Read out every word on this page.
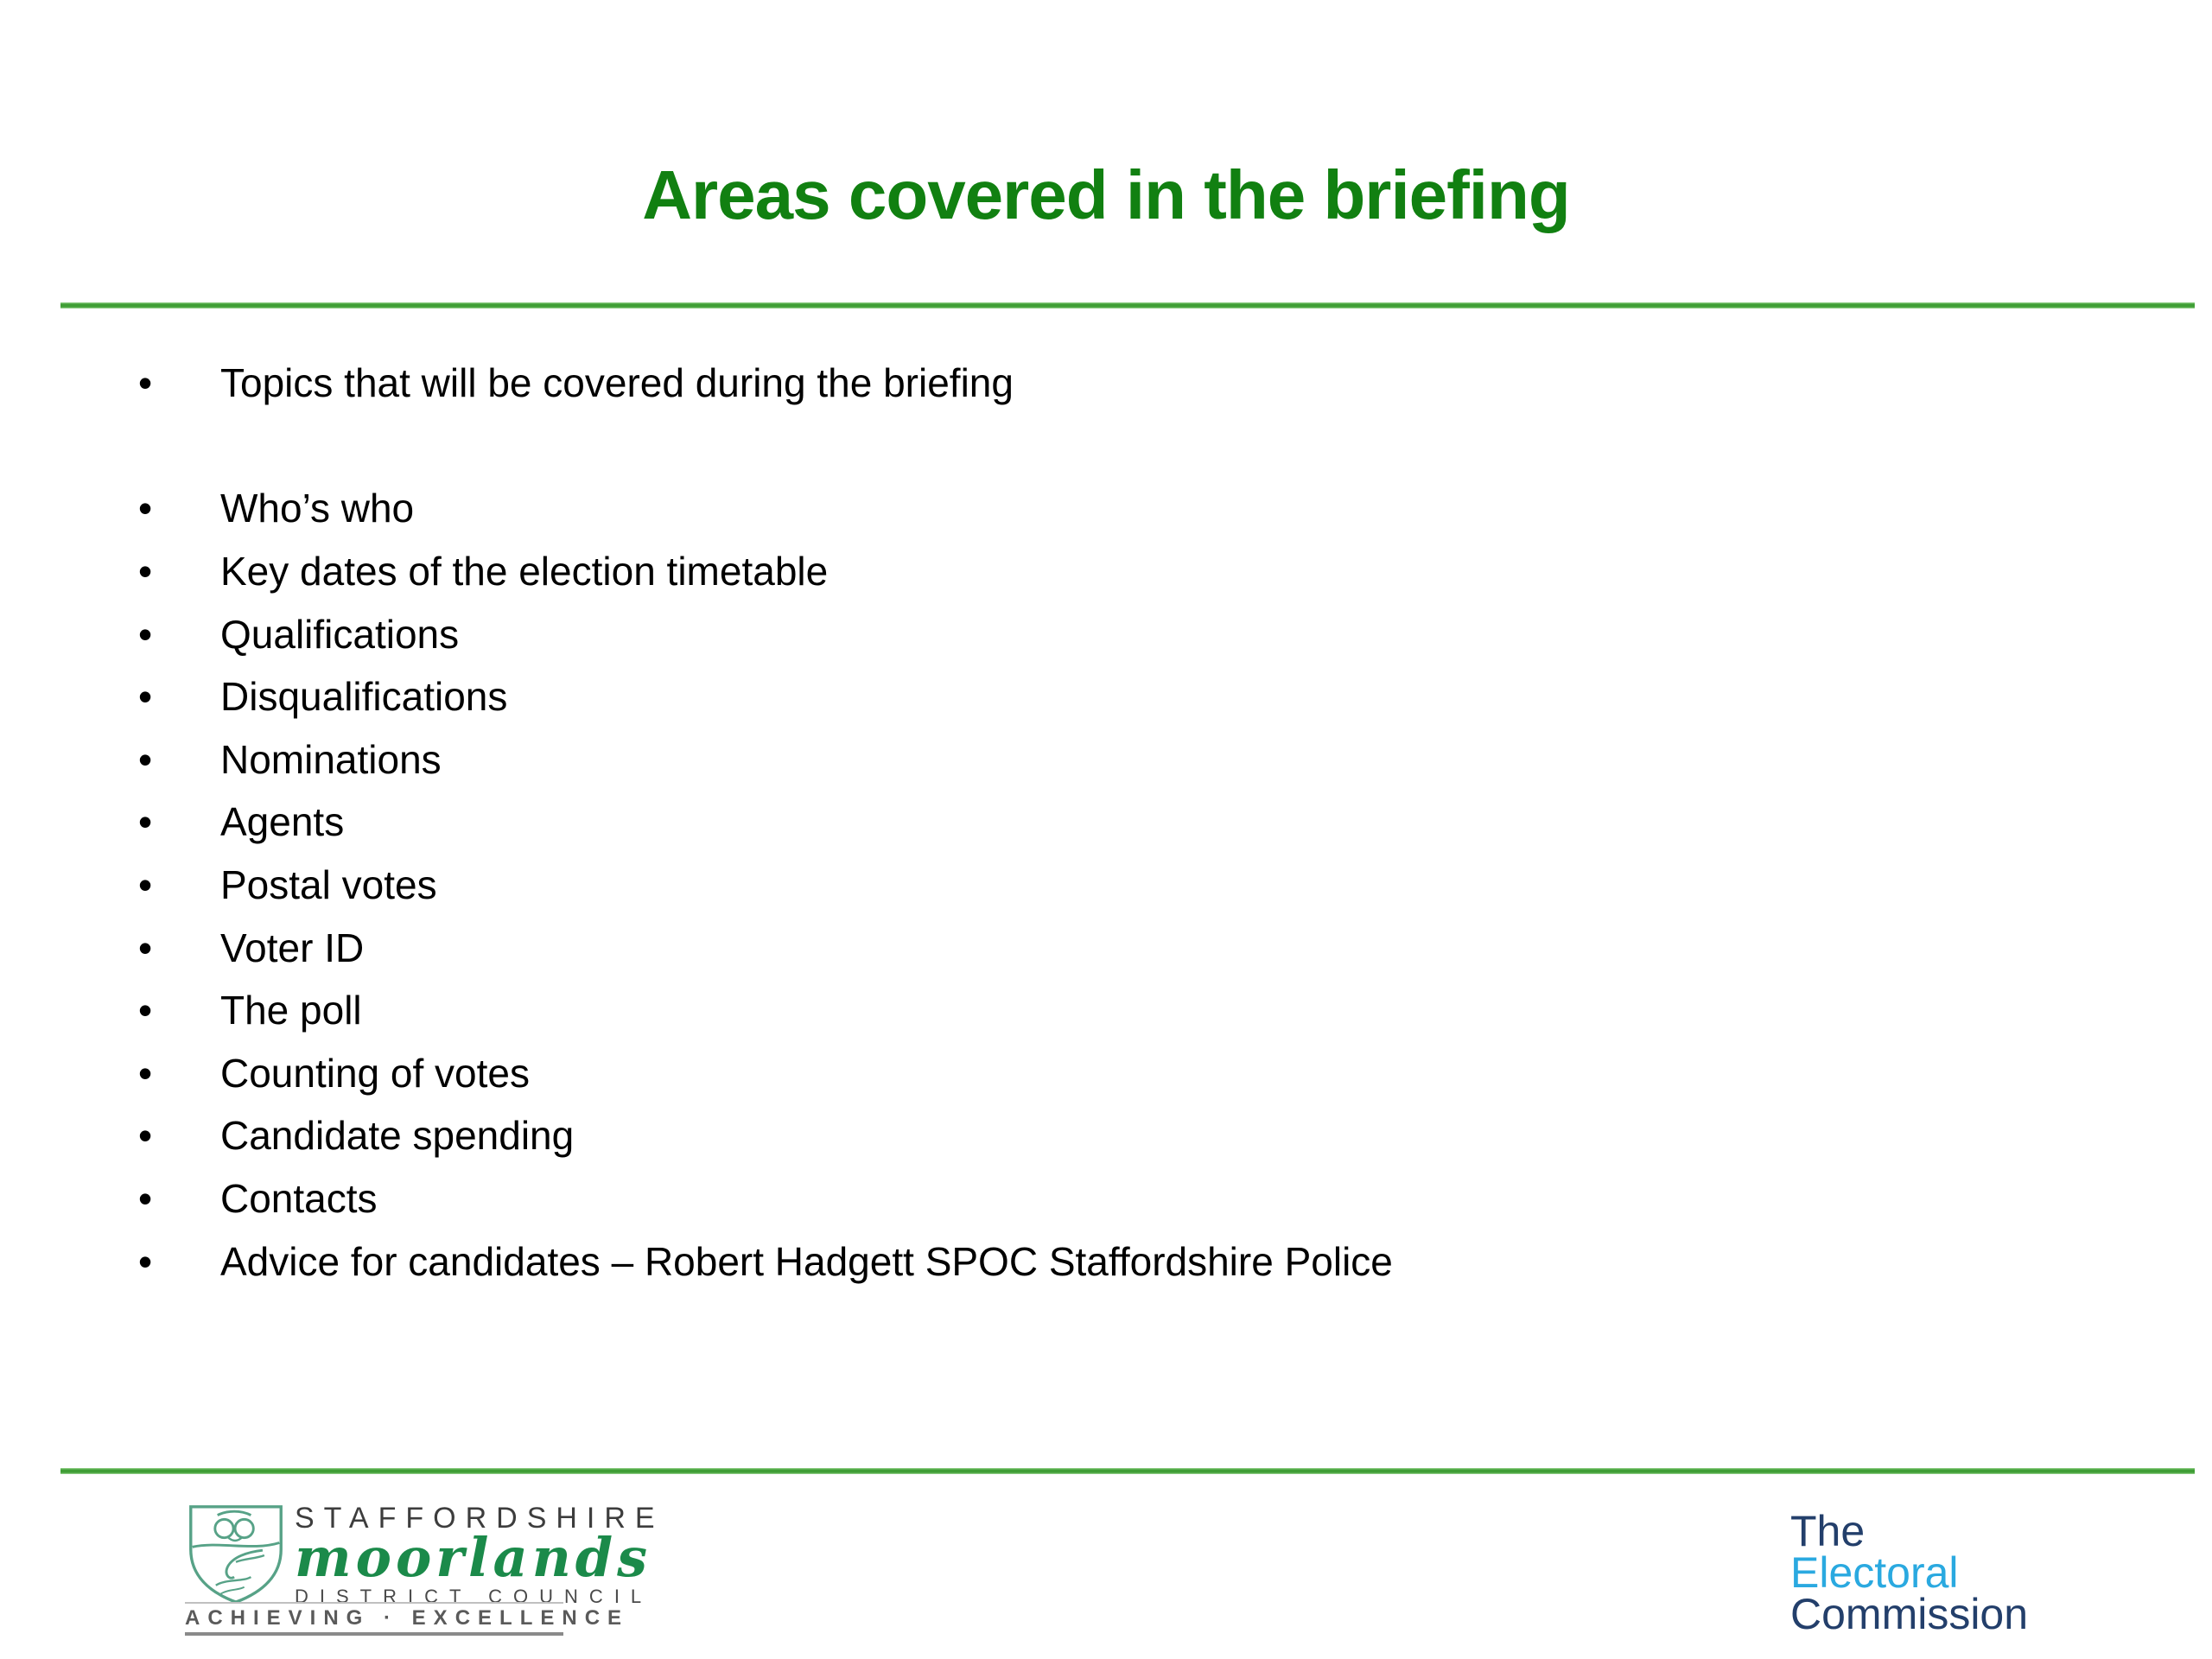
Areas covered in the briefing
•	Topics that will be covered during the briefing
•	Who’s who
•	Key dates of the election timetable
•	Qualifications
•	Disqualifications
•	Nominations
•	Agents
•	Postal votes
•	Voter ID
•	The poll
•	Counting of votes
•	Candidate spending
•	Contacts
•	Advice for candidates – Robert Hadgett SPOC Staffordshire Police
STAFFORDSHIRE
moorlands
DISTRICT COUNCIL
ACHIEVING · EXCELLENCE
The
Electoral
Commission
